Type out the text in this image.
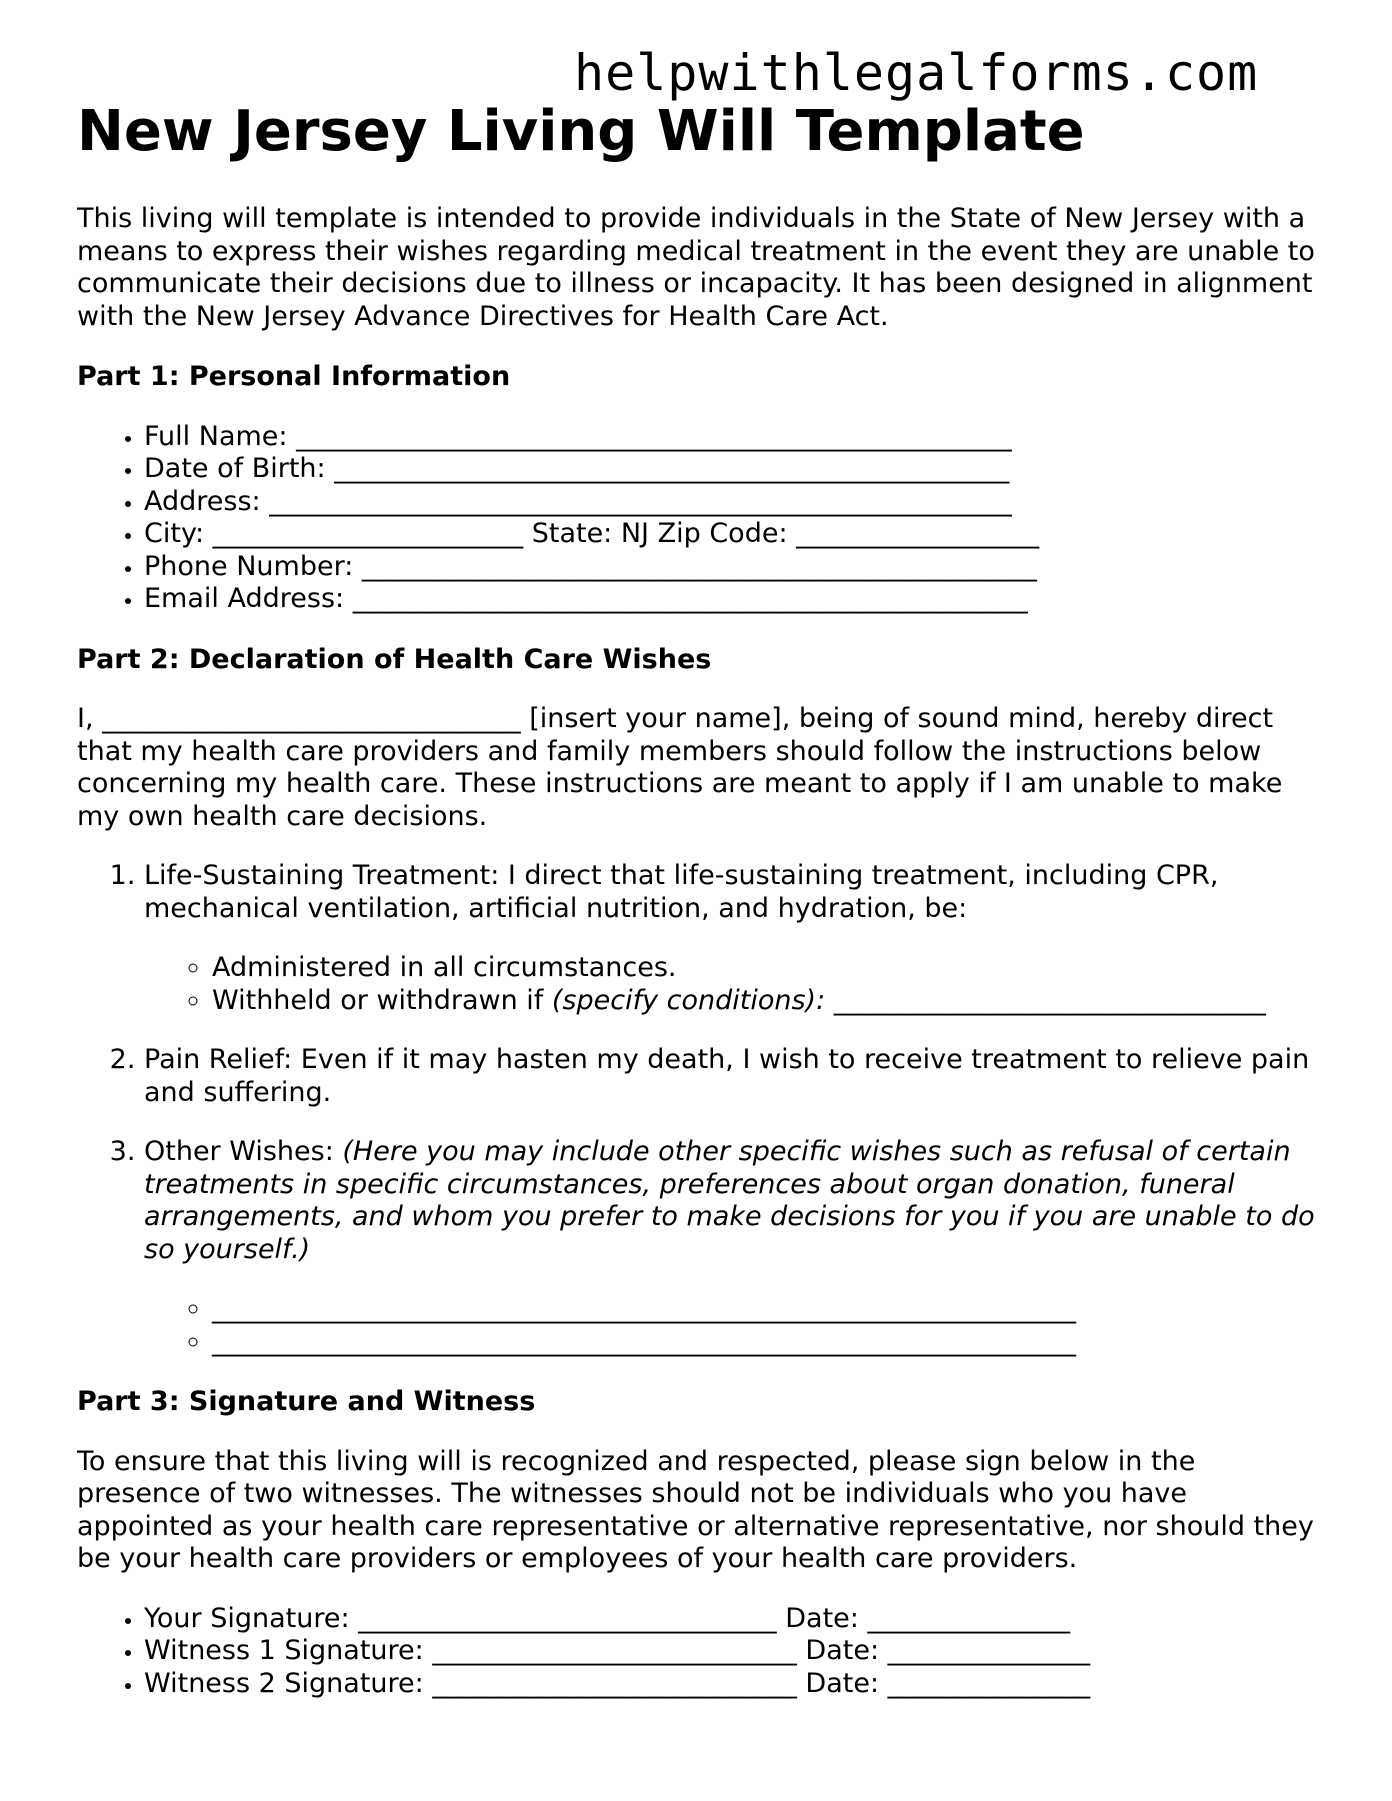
helpwithlegalforms.com
New Jersey Living Will Template

This living will template is intended to provide individuals in the State of New Jersey with a means to express their wishes regarding medical treatment in the event they are unable to communicate their decisions due to illness or incapacity. It has been designed in alignment with the New Jersey Advance Directives for Health Care Act.

Part 1: Personal Information
• Full Name: _____________________________________________________
• Date of Birth: __________________________________________________
• Address: _______________________________________________________
• City: _______________________ State: NJ Zip Code: __________________
• Phone Number: __________________________________________________
• Email Address: __________________________________________________
Part 2: Declaration of Health Care Wishes

I, _______________________________ [insert your name], being of sound mind, hereby direct that my health care providers and family members should follow the instructions below concerning my health care. These instructions are meant to apply if I am unable to make my own health care decisions.

1. Life-Sustaining Treatment: I direct that life-sustaining treatment, including CPR, mechanical ventilation, artificial nutrition, and hydration, be:
◦ Administered in all circumstances.
◦ Withheld or withdrawn if (specify conditions): ________________________________
2. Pain Relief: Even if it may hasten my death, I wish to receive treatment to relieve pain and suffering.
3. Other Wishes: (Here you may include other specific wishes such as refusal of certain treatments in specific circumstances, preferences about organ donation, funeral arrangements, and whom you prefer to make decisions for you if you are unable to do so yourself.)
◦ ________________________________________________________________
◦ ________________________________________________________________
Part 3: Signature and Witness

To ensure that this living will is recognized and respected, please sign below in the presence of two witnesses. The witnesses should not be individuals who you have appointed as your health care representative or alternative representative, nor should they be your health care providers or employees of your health care providers.

• Your Signature: _______________________________ Date: _______________
• Witness 1 Signature: ___________________________ Date: _______________
• Witness 2 Signature: ___________________________ Date: _______________
